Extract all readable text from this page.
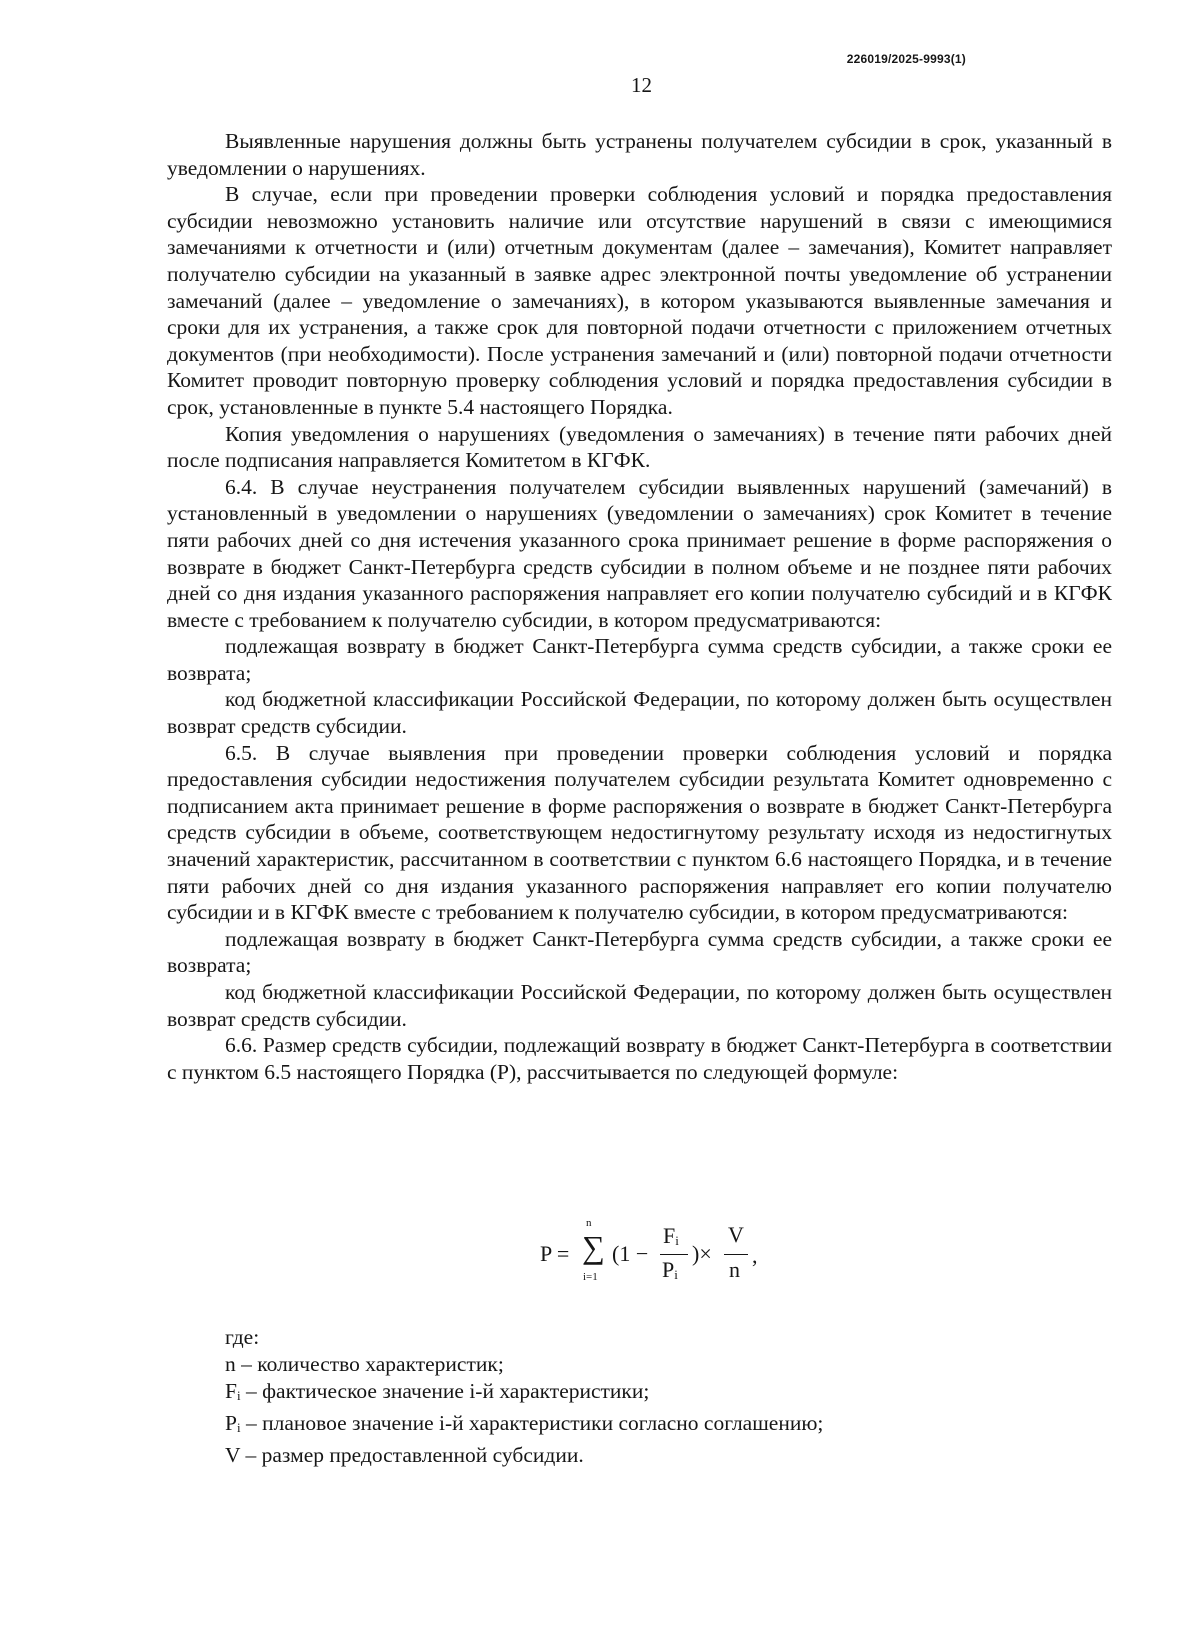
226019/2025-9993(1)
12

Выявленные нарушения должны быть устранены получателем субсидии в срок, указанный в уведомлении о нарушениях.

В случае, если при проведении проверки соблюдения условий и порядка предоставления субсидии невозможно установить наличие или отсутствие нарушений в связи с имеющимися замечаниями к отчетности и (или) отчетным документам (далее – замечания), Комитет направляет получателю субсидии на указанный в заявке адрес электронной почты уведомление об устранении замечаний (далее – уведомление о замечаниях), в котором указываются выявленные замечания и сроки для их устранения, а также срок для повторной подачи отчетности с приложением отчетных документов (при необходимости). После устранения замечаний и (или) повторной подачи отчетности Комитет проводит повторную проверку соблюдения условий и порядка предоставления субсидии в срок, установленные в пункте 5.4 настоящего Порядка.

Копия уведомления о нарушениях (уведомления о замечаниях) в течение пяти рабочих дней после подписания направляется Комитетом в КГФК.

6.4. В случае неустранения получателем субсидии выявленных нарушений (замечаний) в установленный в уведомлении о нарушениях (уведомлении о замечаниях) срок Комитет в течение пяти рабочих дней со дня истечения указанного срока принимает решение в форме распоряжения о возврате в бюджет Санкт-Петербурга средств субсидии в полном объеме и не позднее пяти рабочих дней со дня издания указанного распоряжения направляет его копии получателю субсидий и в КГФК вместе с требованием к получателю субсидии, в котором предусматриваются:

подлежащая возврату в бюджет Санкт-Петербурга сумма средств субсидии, а также сроки ее возврата;

код бюджетной классификации Российской Федерации, по которому должен быть осуществлен возврат средств субсидии.

6.5. В случае выявления при проведении проверки соблюдения условий и порядка предоставления субсидии недостижения получателем субсидии результата Комитет одновременно с подписанием акта принимает решение в форме распоряжения о возврате в бюджет Санкт-Петербурга средств субсидии в объеме, соответствующем недостигнутому результату исходя из недостигнутых значений характеристик, рассчитанном в соответствии с пунктом 6.6 настоящего Порядка, и в течение пяти рабочих дней со дня издания указанного распоряжения направляет его копии получателю субсидии и в КГФК вместе с требованием к получателю субсидии, в котором предусматриваются:

подлежащая возврату в бюджет Санкт-Петербурга сумма средств субсидии, а также сроки ее возврата;

код бюджетной классификации Российской Федерации, по которому должен быть осуществлен возврат средств субсидии.

6.6. Размер средств субсидии, подлежащий возврату в бюджет Санкт-Петербурга в соответствии с пунктом 6.5 настоящего Порядка (P), рассчитывается по следующей формуле:

P =
n
∑
i=1
(1 −
$F_i$
$P_i$
)×
V
n
,

где:

n – количество характеристик;

$F_i$ – фактическое значение i-й характеристики;

$P_i$ – плановое значение i-й характеристики согласно соглашению;

V – размер предоставленной субсидии.
